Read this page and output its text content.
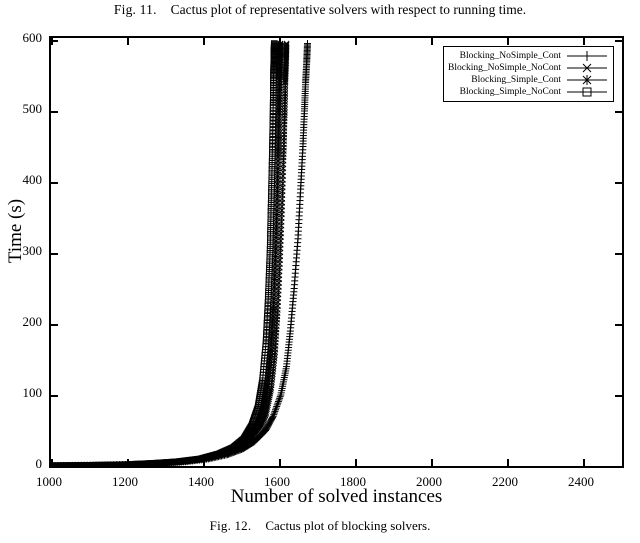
Fig. 11. Cactus plot of representative solvers with respect to running time.
Time (s)
Blocking_NoSimple_Cont
Blocking_NoSimple_NoCont
Blocking_Simple_Cont
Blocking_Simple_NoCont
1000	1200	1400	1600	1800	2000	2200	2400
0
100
200
300
400
500
600
Number of solved instances
Fig. 12. Cactus plot of blocking solvers.
